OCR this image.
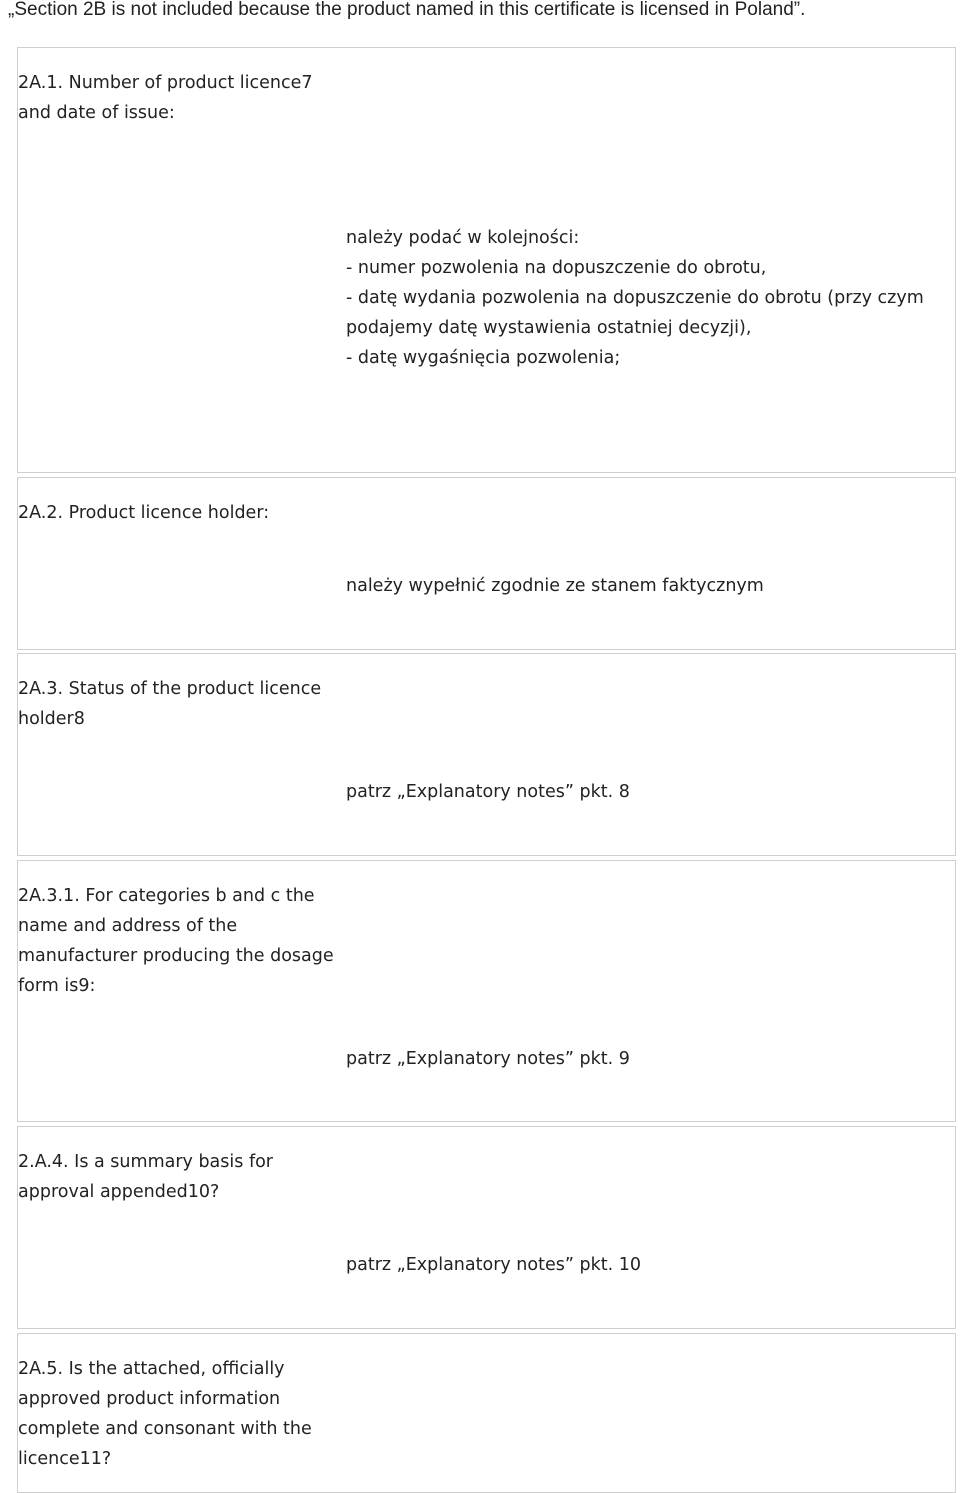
„Section 2B is not included because the product named in this certificate is licensed in Poland”.

2A.1. Number of product licence7 and date of issue:

należy podać w kolejności:
- numer pozwolenia na dopuszczenie do obrotu,
- datę wydania pozwolenia na dopuszczenie do obrotu (przy czym
podajemy datę wystawienia ostatniej decyzji),
- datę wygaśnięcia pozwolenia;

2A.2. Product licence holder:

należy wypełnić zgodnie ze stanem faktycznym

2A.3. Status of the product licence holder8

patrz „Explanatory notes” pkt. 8

2A.3.1. For categories b and c the name and address of the manufacturer producing the dosage form is9:

patrz „Explanatory notes” pkt. 9

2.A.4. Is a summary basis for approval appended10?

patrz „Explanatory notes” pkt. 10

2A.5. Is the attached, officially approved product information complete and consonant with the licence11?
